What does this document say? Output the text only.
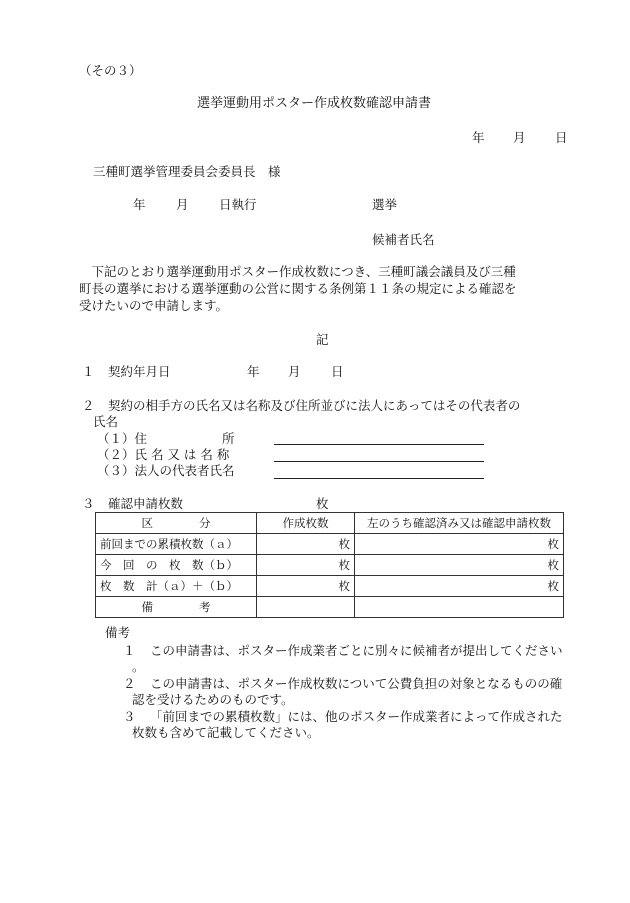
（その３）
選挙運動用ポスター作成枚数確認申請書
年 月 日
三種町選挙管理委員会委員長　様
年 月 日執行	選挙
候補者氏名
　下記のとおり選挙運動用ポスター作成枚数につき、三種町議会議員及び三種
町長の選挙における選挙運動の公営に関する条例第１１条の規定による確認を
受けたいので申請します。
記
１ 契約年月日	年 月 日
２ 契約の相手方の氏名又は名称及び住所並びに法人にあってはその代表者の
氏名
（１）住　　　　　　所
（２）氏 名 又 は 名 称
（３）法人の代表者氏名
３ 確認申請枚数	枚
区　　　　分	作成枚数	左のうち確認済み又は確認申請枚数
前回までの累積枚数（ａ）	枚	枚
今　回　の　枚　数（ｂ）	枚	枚
枚　数　計（ａ）＋（ｂ）	枚	枚
備　　　　考		
備考
１ この申請書は、ポスター作成業者ごとに別々に候補者が提出してください
。
２ この申請書は、ポスター作成枚数について公費負担の対象となるものの確
認を受けるためのものです。
３ 「前回までの累積枚数」には、他のポスター作成業者によって作成された
枚数も含めて記載してください。
